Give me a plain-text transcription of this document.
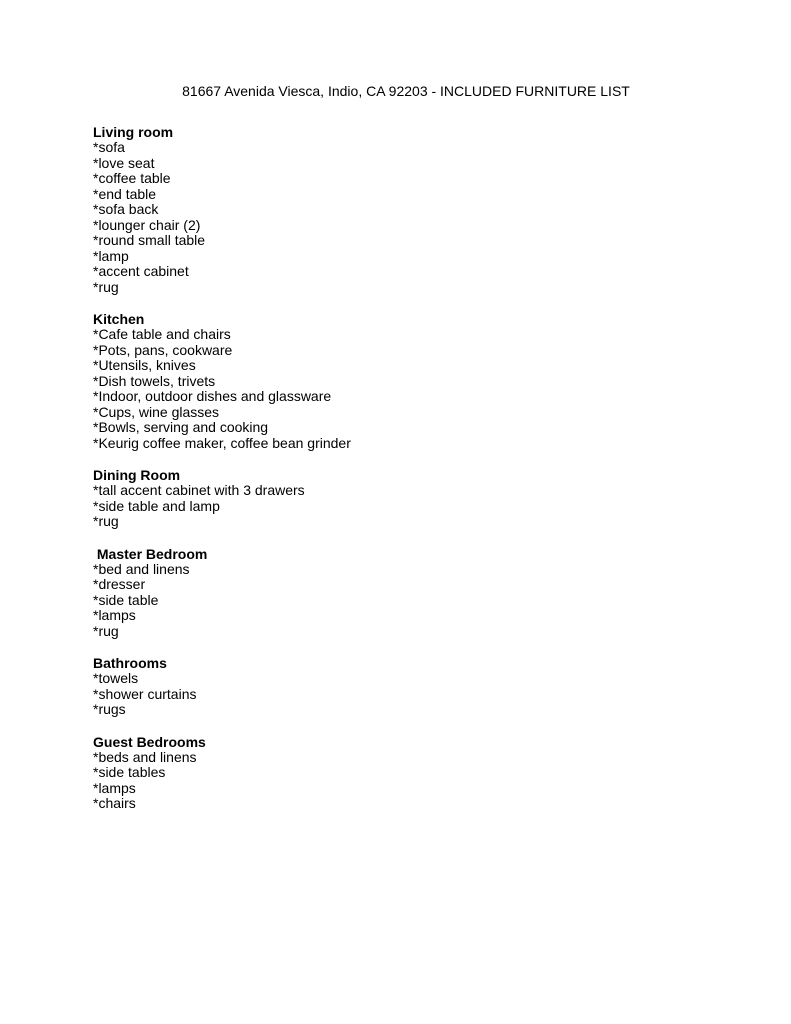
81667 Avenida Viesca, Indio, CA 92203 - INCLUDED FURNITURE LIST
Living room
*sofa
*love seat
*coffee table
*end table
*sofa back
*lounger chair (2)
*round small table
*lamp
*accent cabinet
*rug
Kitchen
*Cafe table and chairs
*Pots, pans, cookware
*Utensils, knives
*Dish towels, trivets
*Indoor, outdoor dishes and glassware
*Cups, wine glasses
*Bowls, serving and cooking
*Keurig coffee maker, coffee bean grinder
Dining Room
*tall accent cabinet with 3 drawers
*side table and lamp
*rug
Master Bedroom
*bed and linens
*dresser
*side table
*lamps
*rug
Bathrooms
*towels
*shower curtains
*rugs
Guest Bedrooms
*beds and linens
*side tables
*lamps
*chairs
